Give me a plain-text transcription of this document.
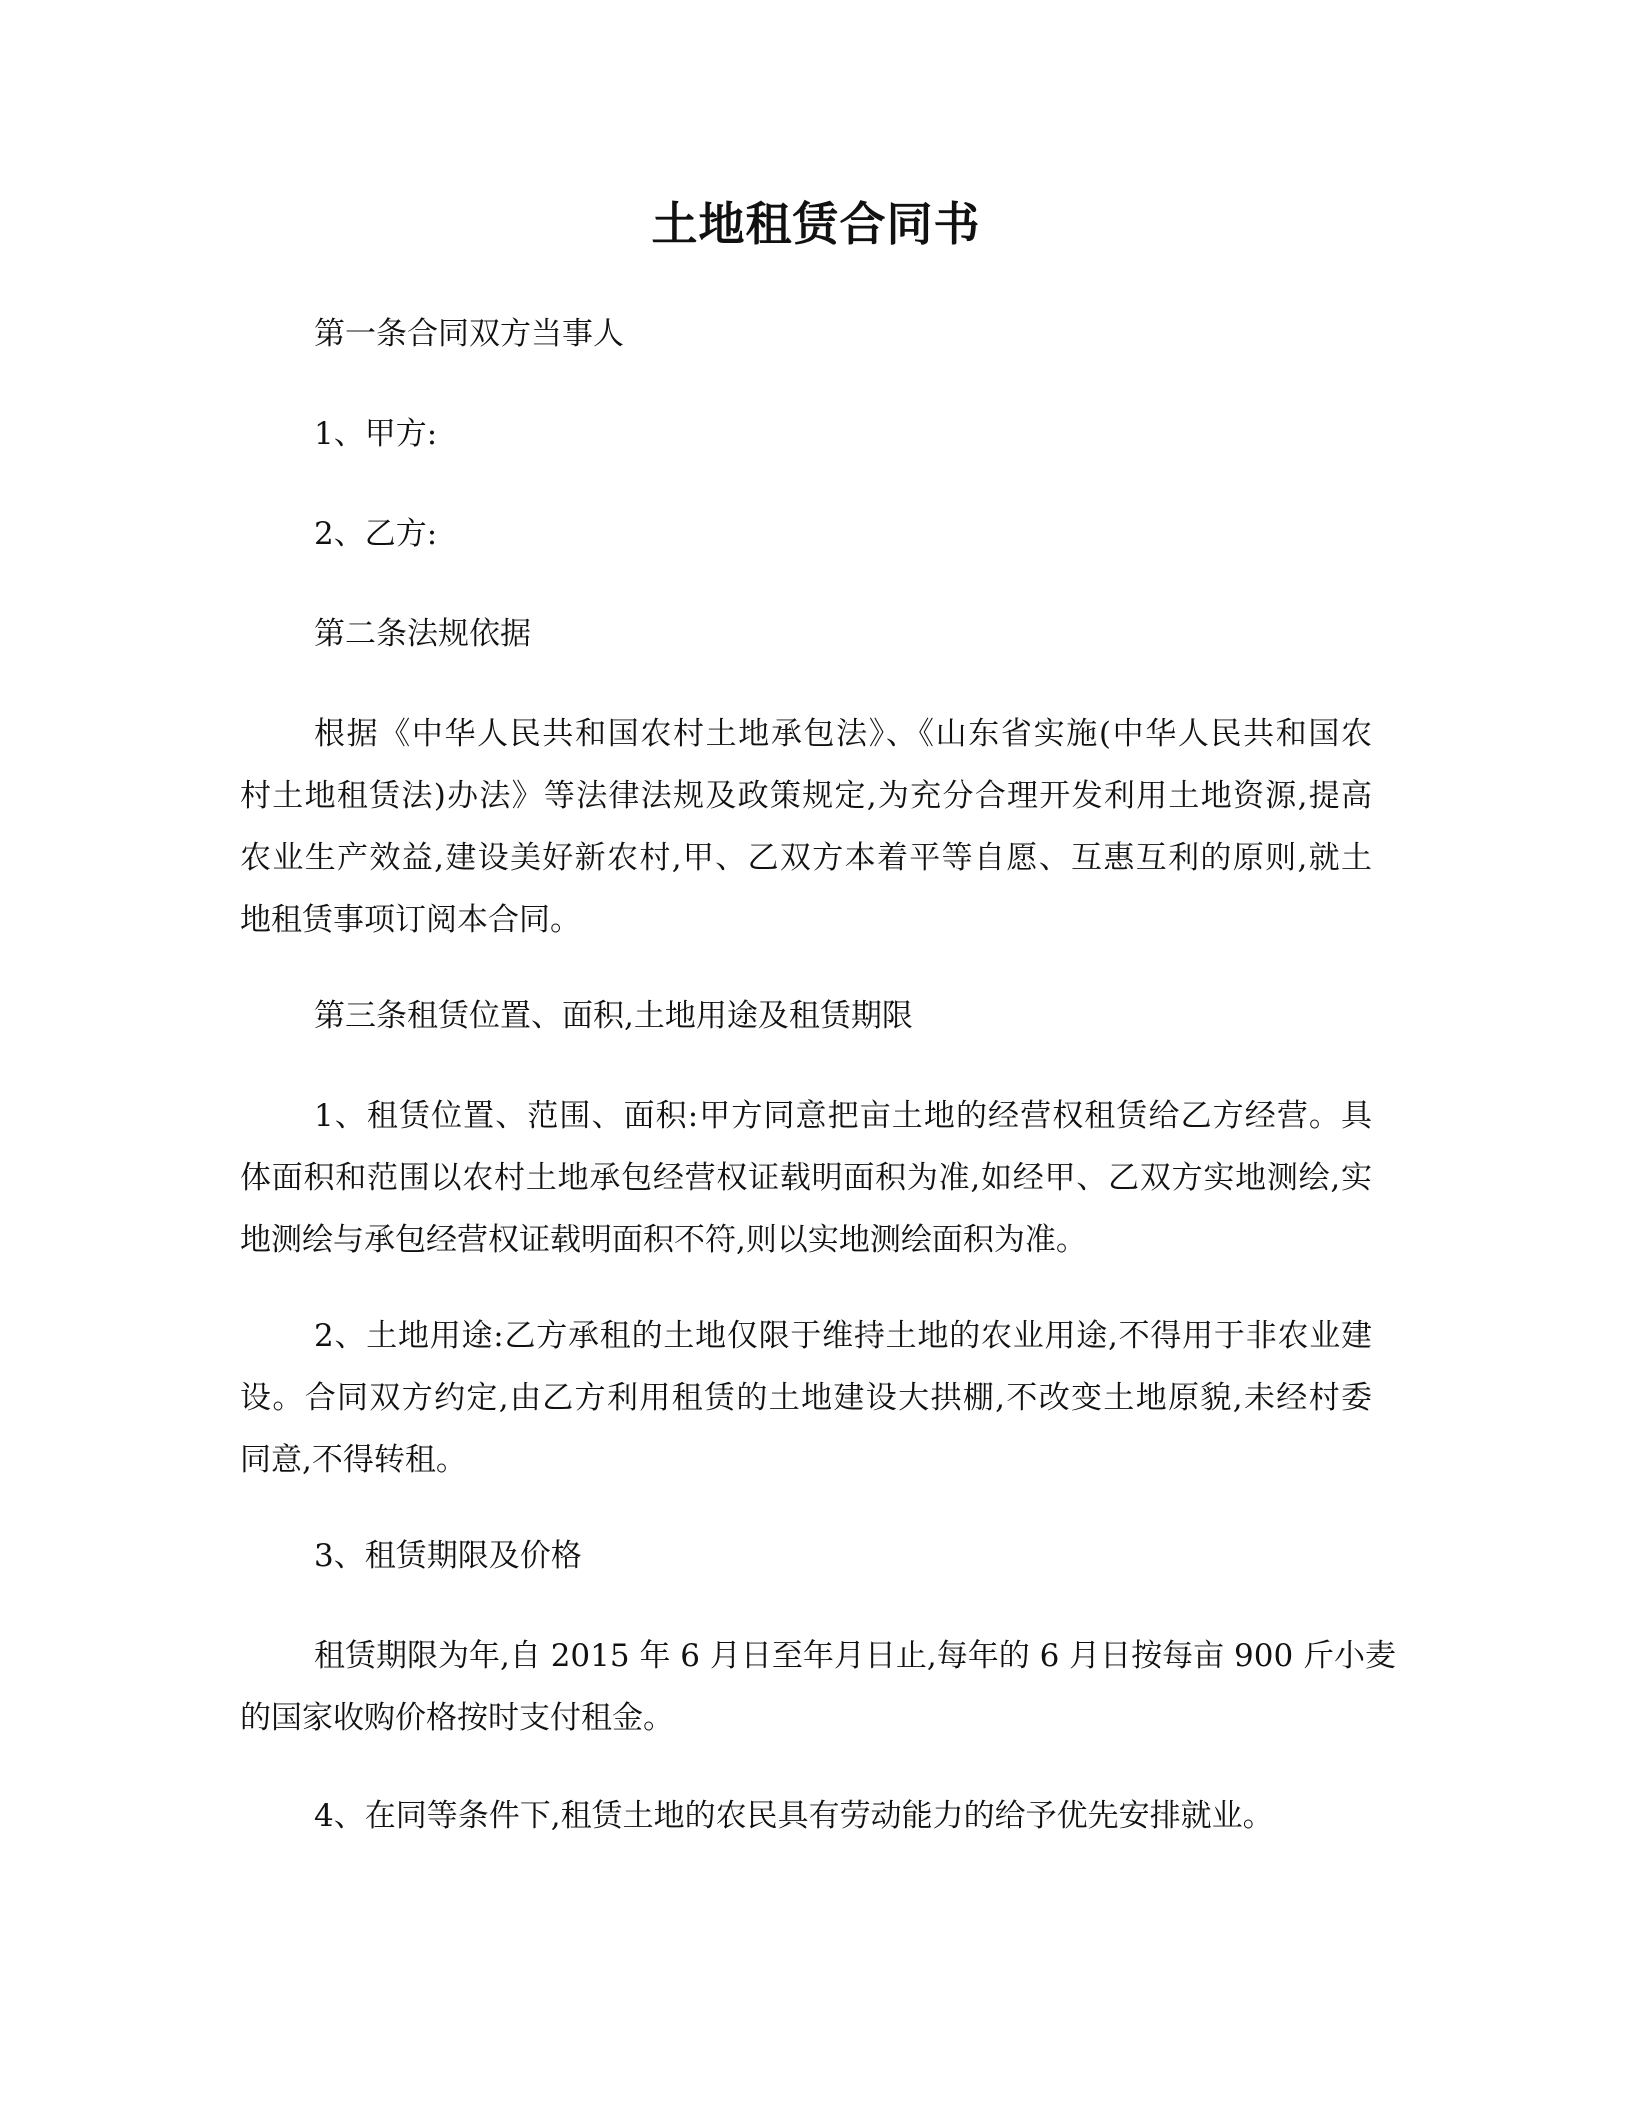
土地租赁合同书
第一条合同双方当事人
1、甲方:
2、乙方:
第二条法规依据
根据《中华人民共和国农村土地承包法》、《山东省实施(中华人民共和国农
村土地租赁法)办法》等法律法规及政策规定,为充分合理开发利用土地资源,提高
农业生产效益,建设美好新农村,甲、乙双方本着平等自愿、互惠互利的原则,就土
地租赁事项订阅本合同。
第三条租赁位置、面积,土地用途及租赁期限
1、租赁位置、范围、面积:甲方同意把亩土地的经营权租赁给乙方经营。具
体面积和范围以农村土地承包经营权证载明面积为准,如经甲、乙双方实地测绘,实
地测绘与承包经营权证载明面积不符,则以实地测绘面积为准。
2、土地用途:乙方承租的土地仅限于维持土地的农业用途,不得用于非农业建
设。合同双方约定,由乙方利用租赁的土地建设大拱棚,不改变土地原貌,未经村委
同意,不得转租。
3、租赁期限及价格
租赁期限为年,自 2015 年 6 月日至年月日止,每年的 6 月日按每亩 900 斤小麦
的国家收购价格按时支付租金。
4、在同等条件下,租赁土地的农民具有劳动能力的给予优先安排就业。
